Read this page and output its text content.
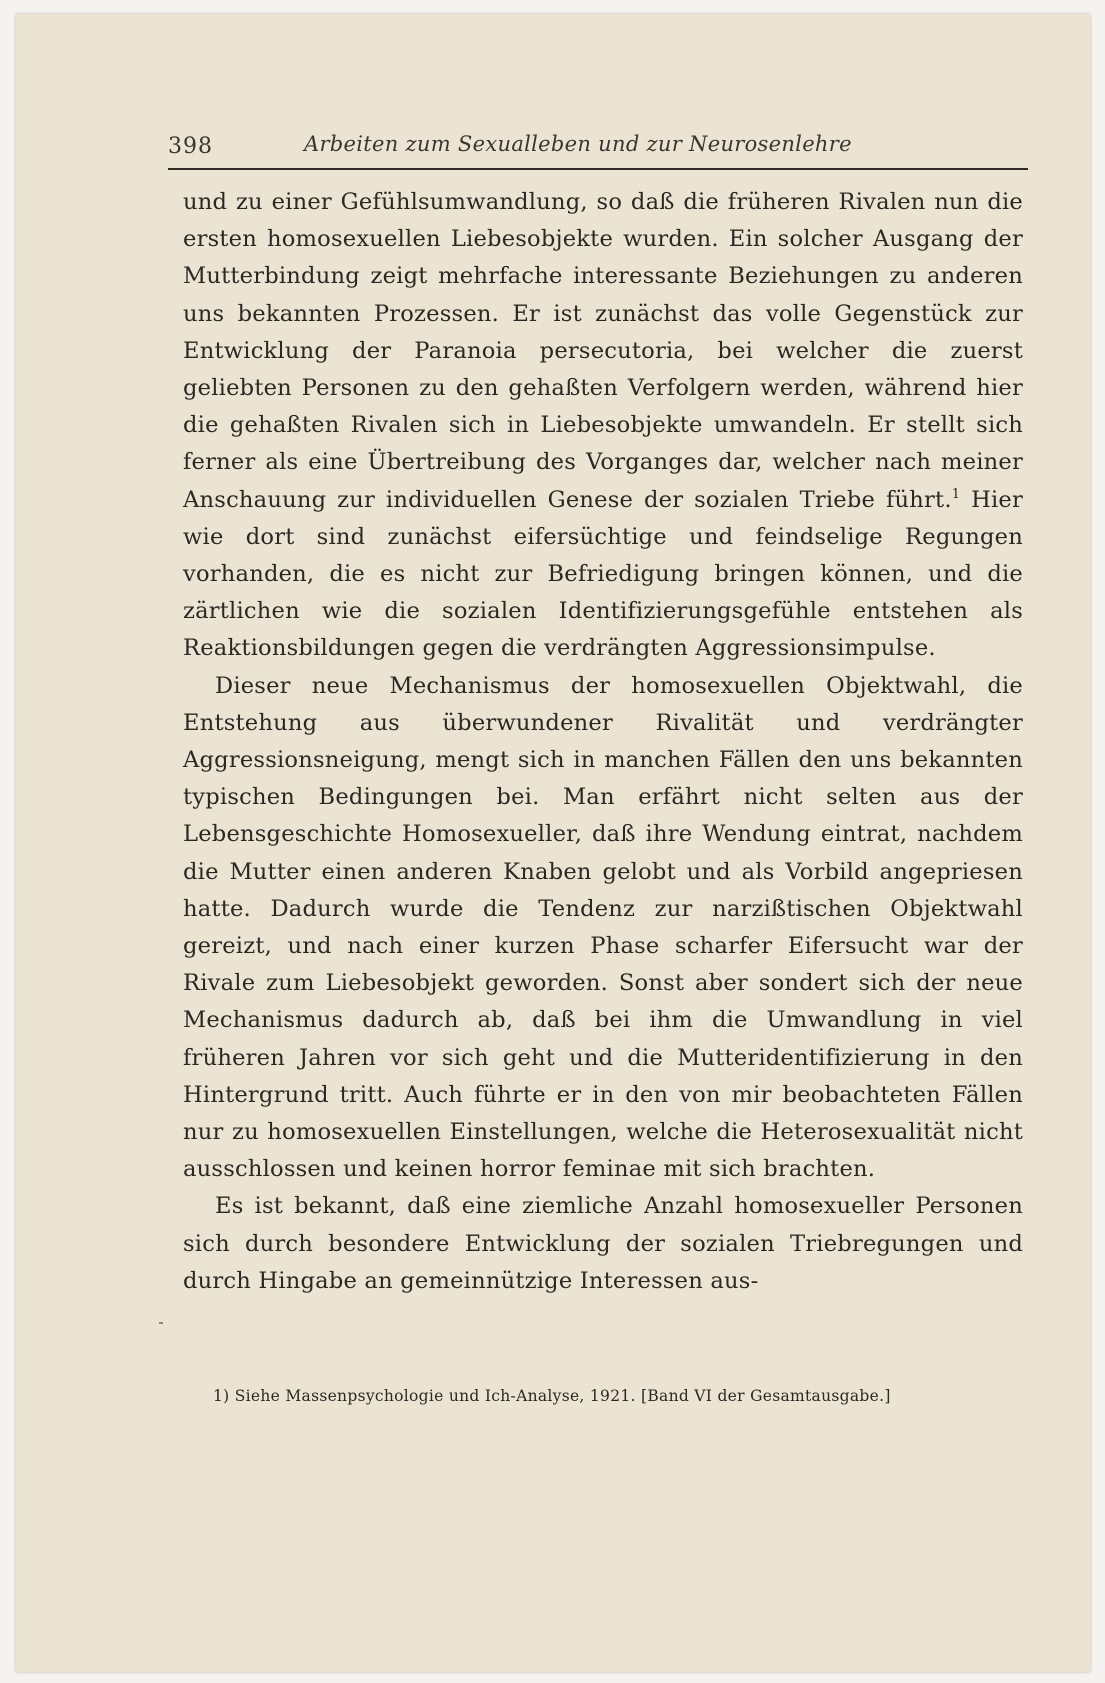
398	Arbeiten zum Sexualleben und zur Neurosenlehre

und zu einer Gefühlsumwandlung, so daß die früheren Rivalen nun die ersten homosexuellen Liebesobjekte wurden. Ein solcher Ausgang der Mutterbindung zeigt mehrfache interessante Beziehungen zu anderen uns bekannten Prozessen. Er ist zunächst das volle Gegenstück zur Entwicklung der Paranoia persecutoria, bei welcher die zuerst geliebten Personen zu den gehaßten Verfolgern werden, während hier die gehaßten Rivalen sich in Liebesobjekte umwandeln. Er stellt sich ferner als eine Übertreibung des Vorganges dar, welcher nach meiner Anschauung zur individuellen Genese der sozialen Triebe führt.$^1$ Hier wie dort sind zunächst eifersüchtige und feindselige Regungen vorhanden, die es nicht zur Befriedigung bringen können, und die zärtlichen wie die sozialen Identifizierungsgefühle entstehen als Reaktionsbildungen gegen die verdrängten Aggressionsimpulse.

Dieser neue Mechanismus der homosexuellen Objektwahl, die Entstehung aus überwundener Rivalität und verdrängter Aggressionsneigung, mengt sich in manchen Fällen den uns bekannten typischen Bedingungen bei. Man erfährt nicht selten aus der Lebensgeschichte Homosexueller, daß ihre Wendung eintrat, nachdem die Mutter einen anderen Knaben gelobt und als Vorbild angepriesen hatte. Dadurch wurde die Tendenz zur narzißtischen Objektwahl gereizt, und nach einer kurzen Phase scharfer Eifersucht war der Rivale zum Liebesobjekt geworden. Sonst aber sondert sich der neue Mechanismus dadurch ab, daß bei ihm die Umwandlung in viel früheren Jahren vor sich geht und die Mutteridentifizierung in den Hintergrund tritt. Auch führte er in den von mir beobachteten Fällen nur zu homosexuellen Einstellungen, welche die Heterosexualität nicht ausschlossen und keinen horror feminae mit sich brachten.

Es ist bekannt, daß eine ziemliche Anzahl homosexueller Personen sich durch besondere Entwicklung der sozialen Triebregungen und durch Hingabe an gemeinnützige Interessen aus-

1) Siehe Massenpsychologie und Ich-Analyse, 1921. [Band VI der Gesamtausgabe.]
